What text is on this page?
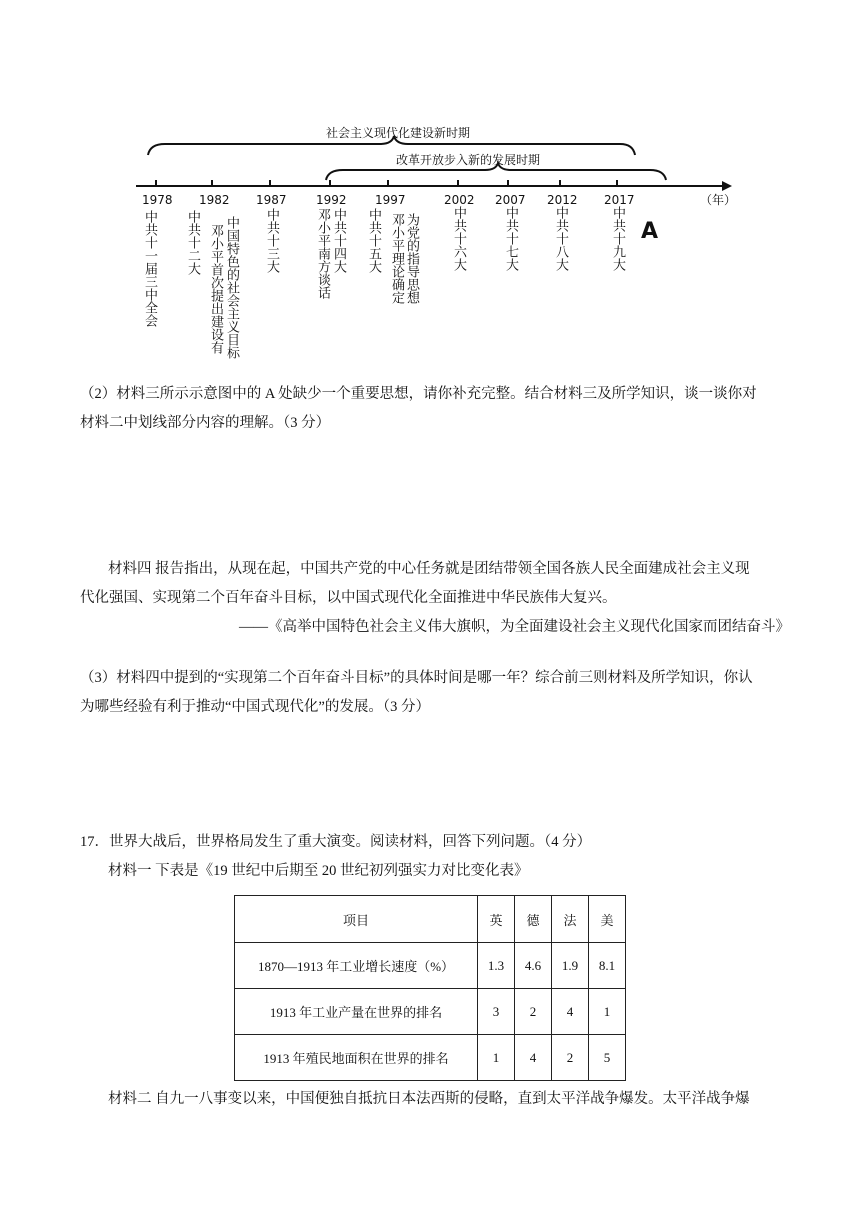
社会主义现代化建设新时期
改革开放步入新的发展时期
（年）
1978 1982 1987 1992 1997	2002 2007 2012 2017
中共十一届三中全会 中共十二大 邓小平首次提出建设有 中国特色的社会主义目标 中共十三大	邓小平南方谈话 中共十四大 中共十五大 邓小平理论确定 为党的指导思想 中共十六大	中共十七大	中共十八大	中共十九大 A
（2）材料三所示示意图中的 A 处缺少一个重要思想，请你补充完整。结合材料三及所学知识，谈一谈你对
材料二中划线部分内容的理解。（3 分）
材料四 报告指出，从现在起，中国共产党的中心任务就是团结带领全国各族人民全面建成社会主义现
代化强国、实现第二个百年奋斗目标，以中国式现代化全面推进中华民族伟大复兴。
——《高举中国特色社会主义伟大旗帜，为全面建设社会主义现代化国家而团结奋斗》
（3）材料四中提到的“实现第二个百年奋斗目标”的具体时间是哪一年？综合前三则材料及所学知识，你认
为哪些经验有利于推动“中国式现代化”的发展。（3 分）
17．世界大战后，世界格局发生了重大演变。阅读材料，回答下列问题。（4 分）
材料一 下表是《19 世纪中后期至 20 世纪初列强实力对比变化表》
项目	英	德	法	美
1870—1913 年工业增长速度（%）	1.3	4.6	1.9	8.1
1913 年工业产量在世界的排名	3	2	4	1
1913 年殖民地面积在世界的排名	1	4	2	5
材料二 自九一八事变以来，中国便独自抵抗日本法西斯的侵略，直到太平洋战争爆发。太平洋战争爆
